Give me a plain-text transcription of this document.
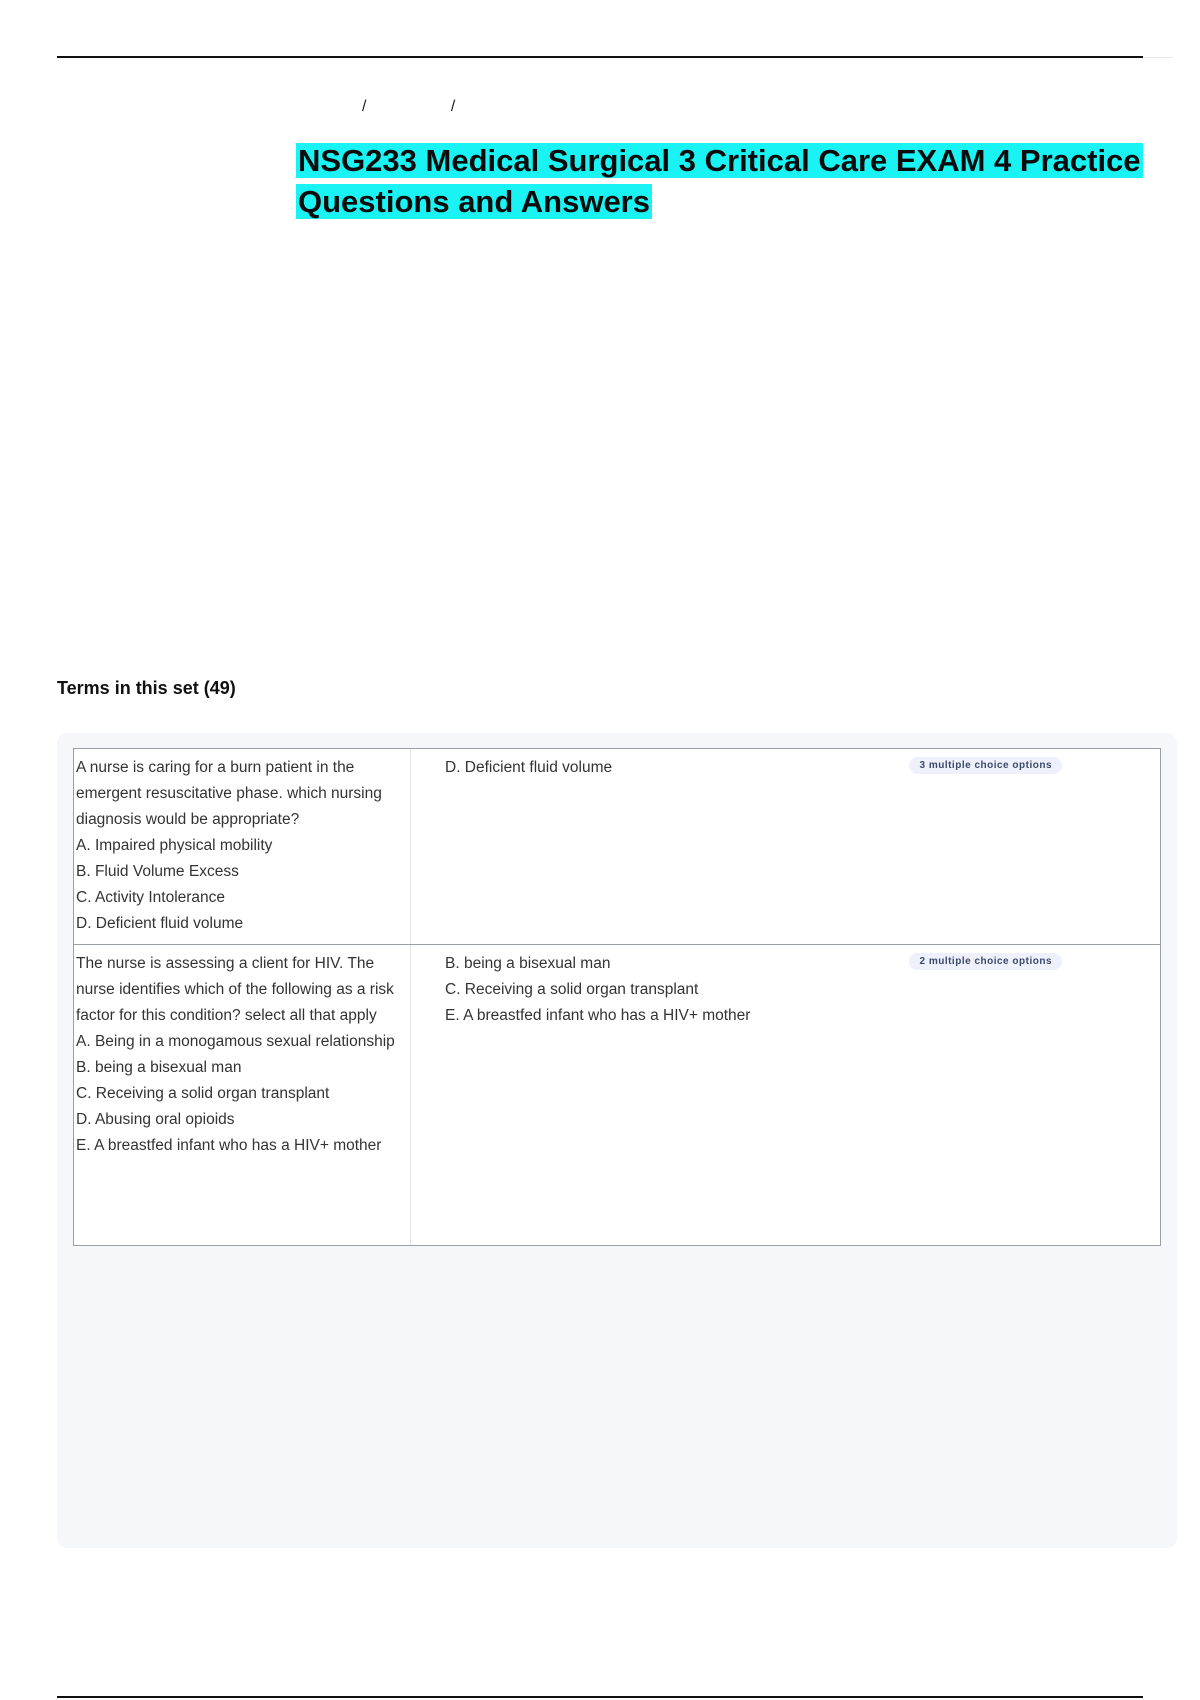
/	/
NSG233 Medical Surgical 3 Critical Care EXAM 4 Practice Questions and Answers
Terms in this set (49)
A nurse is caring for a burn patient in the emergent resuscitative phase. which nursing diagnosis would be appropriate?
A. Impaired physical mobility
B. Fluid Volume Excess
C. Activity Intolerance
D. Deficient fluid volume
D. Deficient fluid volume	3 multiple choice options
The nurse is assessing a client for HIV. The nurse identifies which of the following as a risk factor for this condition? select all that apply
A. Being in a monogamous sexual relationship
B. being a bisexual man
C. Receiving a solid organ transplant
D. Abusing oral opioids
E. A breastfed infant who has a HIV+ mother
B. being a bisexual man
C. Receiving a solid organ transplant
E. A breastfed infant who has a HIV+ mother
2 multiple choice options
